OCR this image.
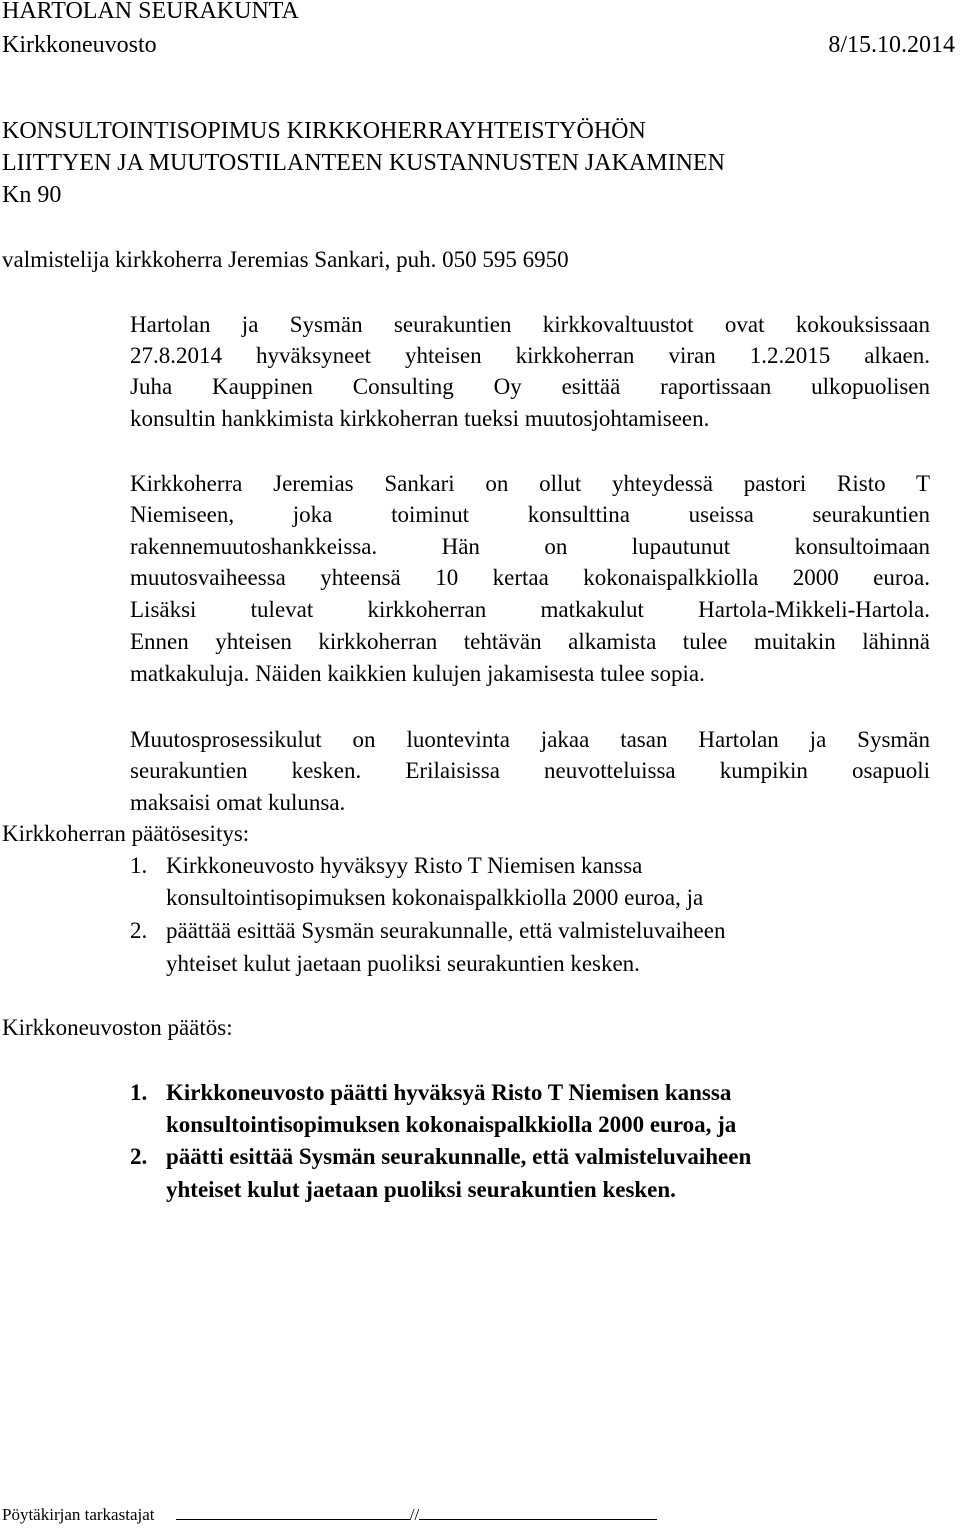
HARTOLAN SEURAKUNTA
Kirkkoneuvosto	8/15.10.2014
KONSULTOINTISOPIMUS KIRKKOHERRAYHTEISTYÖHÖN
LIITTYEN JA MUUTOSTILANTEEN KUSTANNUSTEN JAKAMINEN
Kn 90
valmistelija kirkkoherra Jeremias Sankari, puh. 050 595 6950
Hartolan ja Sysmän seurakuntien kirkkovaltuustot ovat kokouksissaan
27.8.2014 hyväksyneet yhteisen kirkkoherran viran 1.2.2015 alkaen.
Juha Kauppinen Consulting Oy esittää raportissaan ulkopuolisen
konsultin hankkimista kirkkoherran tueksi muutosjohtamiseen.
Kirkkoherra Jeremias Sankari on ollut yhteydessä pastori Risto T
Niemiseen, joka toiminut konsulttina useissa seurakuntien
rakennemuutoshankkeissa. Hän on lupautunut konsultoimaan
muutosvaiheessa yhteensä 10 kertaa kokonaispalkkiolla 2000 euroa.
Lisäksi tulevat kirkkoherran matkakulut Hartola-Mikkeli-Hartola.
Ennen yhteisen kirkkoherran tehtävän alkamista tulee muitakin lähinnä
matkakuluja. Näiden kaikkien kulujen jakamisesta tulee sopia.
Muutosprosessikulut on luontevinta jakaa tasan Hartolan ja Sysmän
seurakuntien kesken. Erilaisissa neuvotteluissa kumpikin osapuoli
maksaisi omat kulunsa.
Kirkkoherran päätösesitys:
1. Kirkkoneuvosto hyväksyy Risto T Niemisen kanssa
konsultointisopimuksen kokonaispalkkiolla 2000 euroa, ja
2. päättää esittää Sysmän seurakunnalle, että valmisteluvaiheen
yhteiset kulut jaetaan puoliksi seurakuntien kesken.
Kirkkoneuvoston päätös:
1. Kirkkoneuvosto päätti hyväksyä Risto T Niemisen kanssa
konsultointisopimuksen kokonaispalkkiolla 2000 euroa, ja
2. päätti esittää Sysmän seurakunnalle, että valmisteluvaiheen
yhteiset kulut jaetaan puoliksi seurakuntien kesken.
Pöytäkirjan tarkastajat	//
